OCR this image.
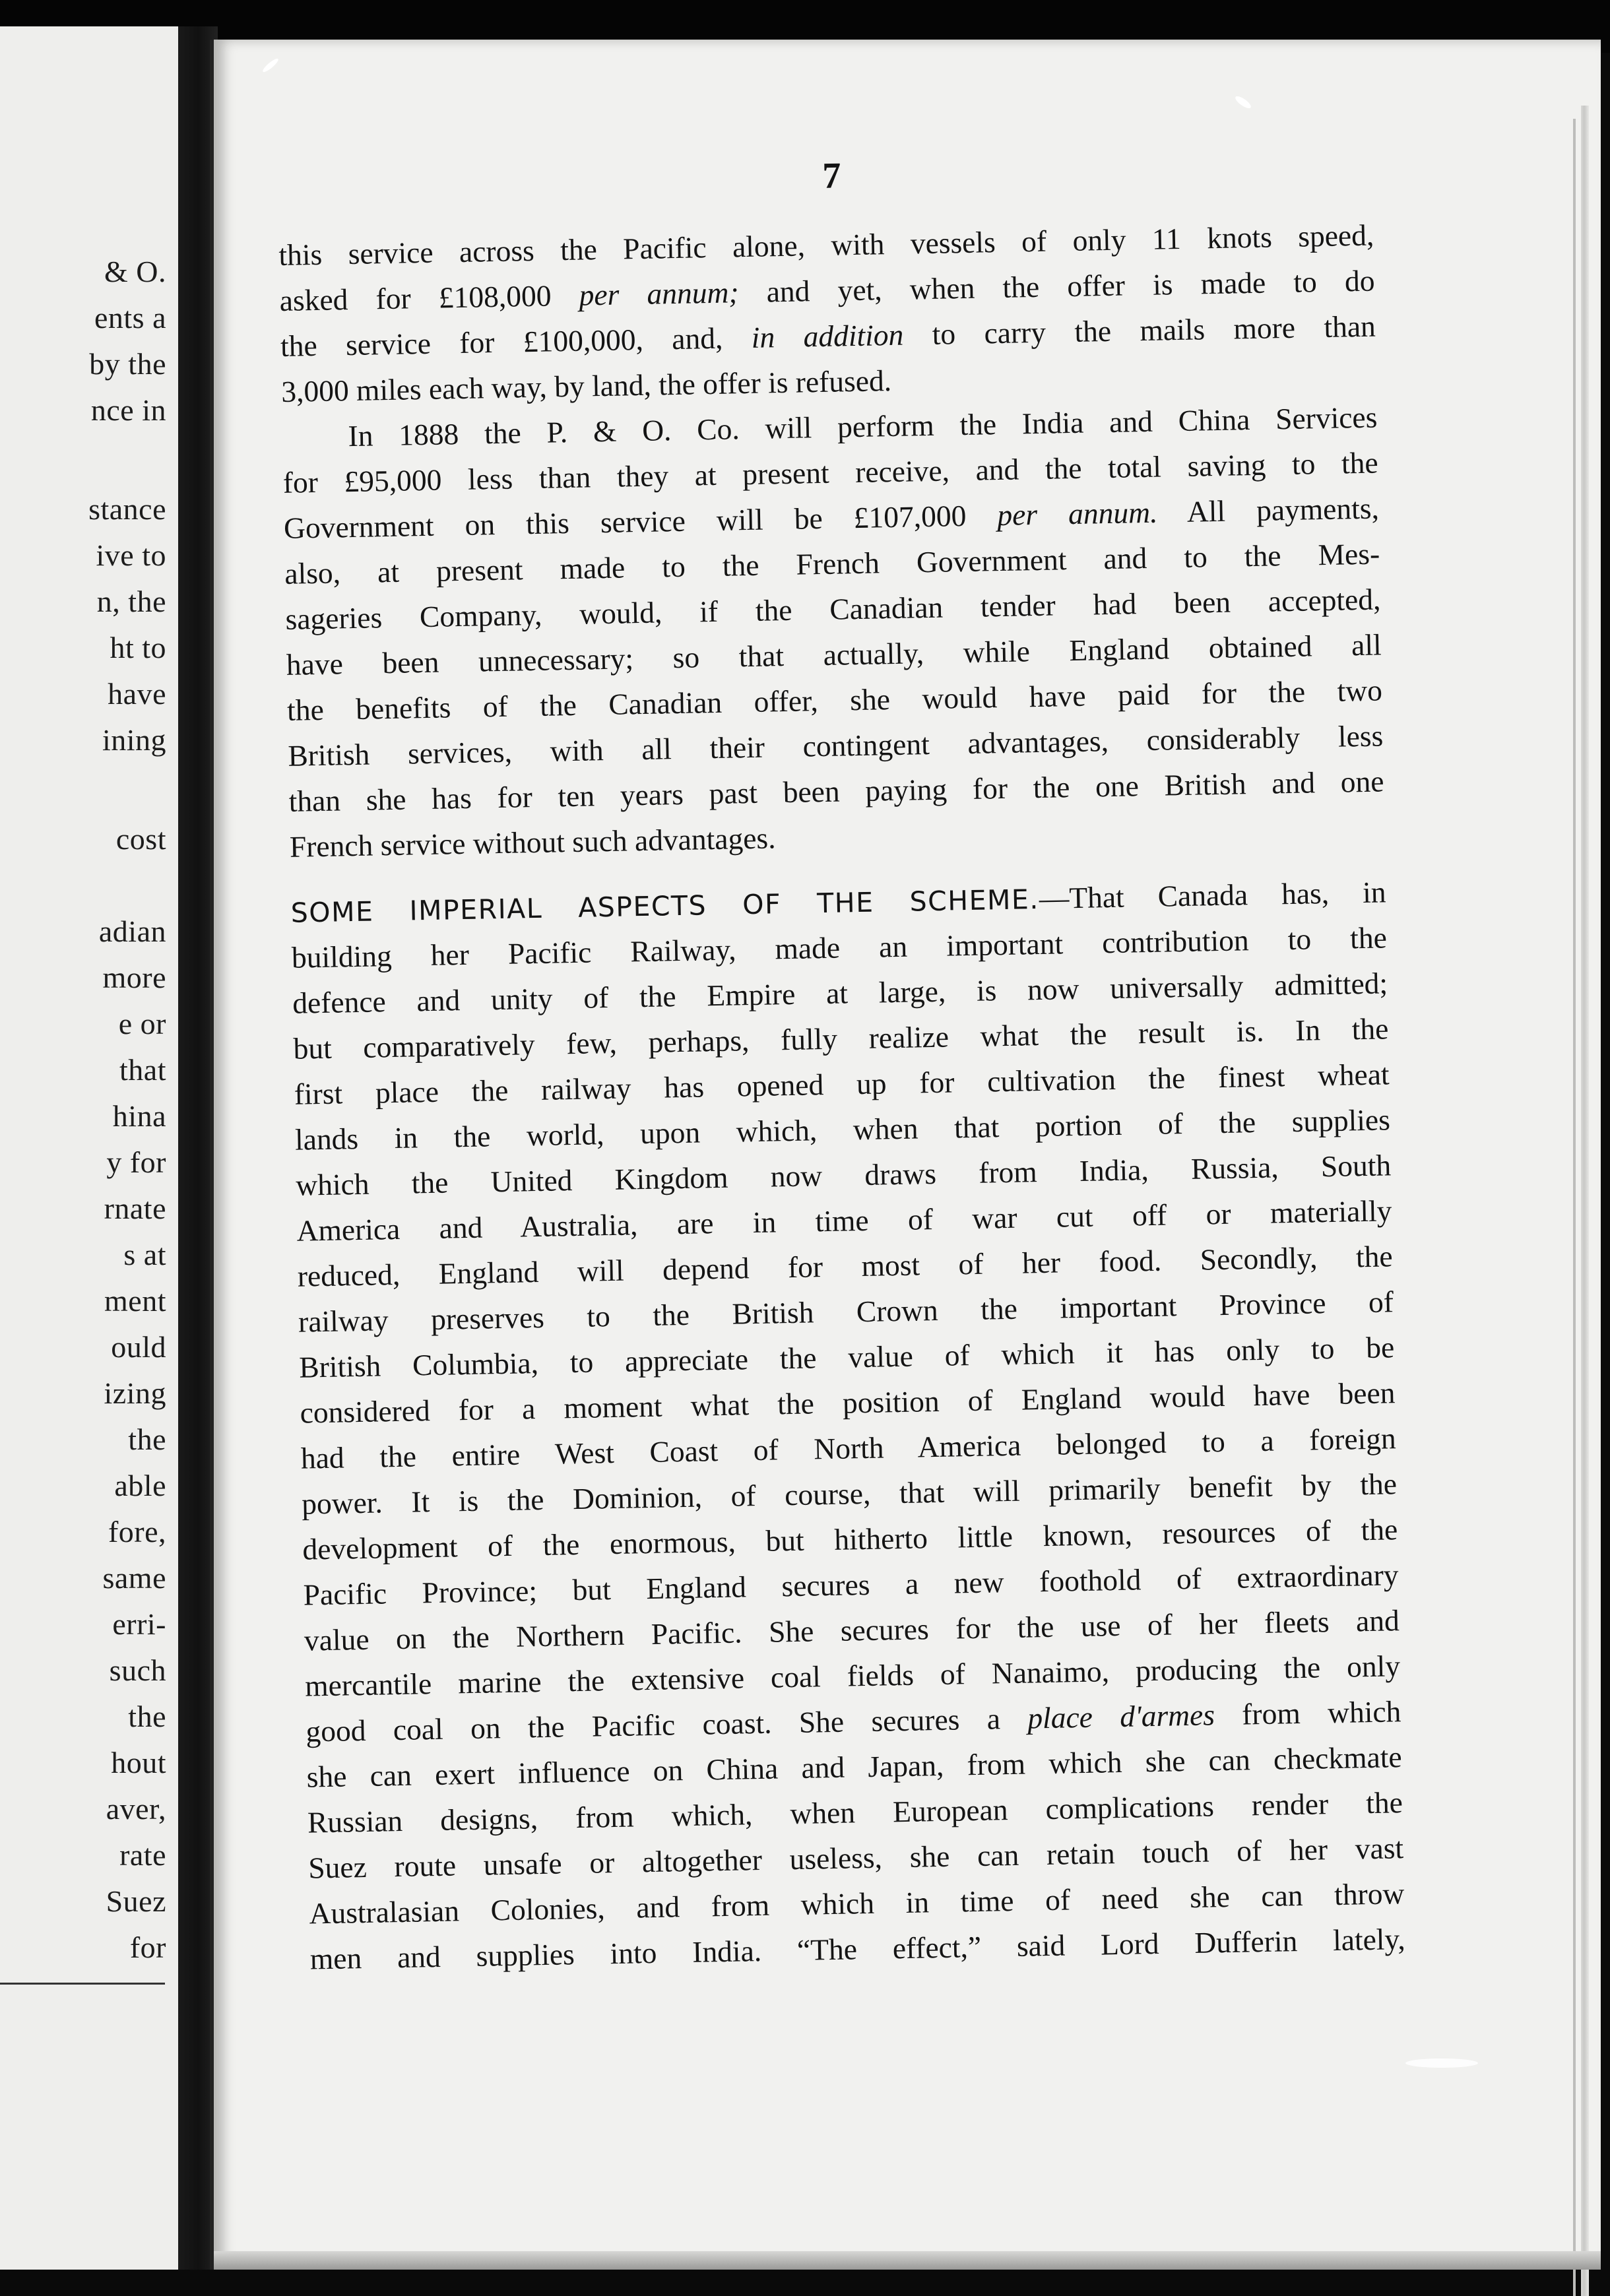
& O.
ents a
by the
nce in
stance
ive to
n, the
ht to
have
ining
cost
adian
more
e or
that
hina
y for
rnate
s at
ment
ould
izing
the
able
fore,
same
erri-
such
the
hout
aver,
rate
Suez
for
7
this service across the Pacific alone, with vessels of only 11 knots speed,
asked for £108,000 per annum; and yet, when the offer is made to do
the service for £100,000, and, in addition to carry the mails more than
3,000 miles each way, by land, the offer is refused.
In 1888 the P. & O. Co. will perform the India and China Services
for £95,000 less than they at present receive, and the total saving to the
Government on this service will be £107,000 per annum. All payments,
also, at present made to the French Government and to the Mes-
sageries Company, would, if the Canadian tender had been accepted,
have been unnecessary; so that actually, while England obtained all
the benefits of the Canadian offer, she would have paid for the two
British services, with all their contingent advantages, considerably less
than she has for ten years past been paying for the one British and one
French service without such advantages.
SOME IMPERIAL ASPECTS OF THE SCHEME.—That Canada has, in
building her Pacific Railway, made an important contribution to the
defence and unity of the Empire at large, is now universally admitted;
but comparatively few, perhaps, fully realize what the result is. In the
first place the railway has opened up for cultivation the finest wheat
lands in the world, upon which, when that portion of the supplies
which the United Kingdom now draws from India, Russia, South
America and Australia, are in time of war cut off or materially
reduced, England will depend for most of her food. Secondly, the
railway preserves to the British Crown the important Province of
British Columbia, to appreciate the value of which it has only to be
considered for a moment what the position of England would have been
had the entire West Coast of North America belonged to a foreign
power. It is the Dominion, of course, that will primarily benefit by the
development of the enormous, but hitherto little known, resources of the
Pacific Province; but England secures a new foothold of extraordinary
value on the Northern Pacific. She secures for the use of her fleets and
mercantile marine the extensive coal fields of Nanaimo, producing the only
good coal on the Pacific coast. She secures a place d'armes from which
she can exert influence on China and Japan, from which she can checkmate
Russian designs, from which, when European complications render the
Suez route unsafe or altogether useless, she can retain touch of her vast
Australasian Colonies, and from which in time of need she can throw
men and supplies into India. “The effect,” said Lord Dufferin lately,
